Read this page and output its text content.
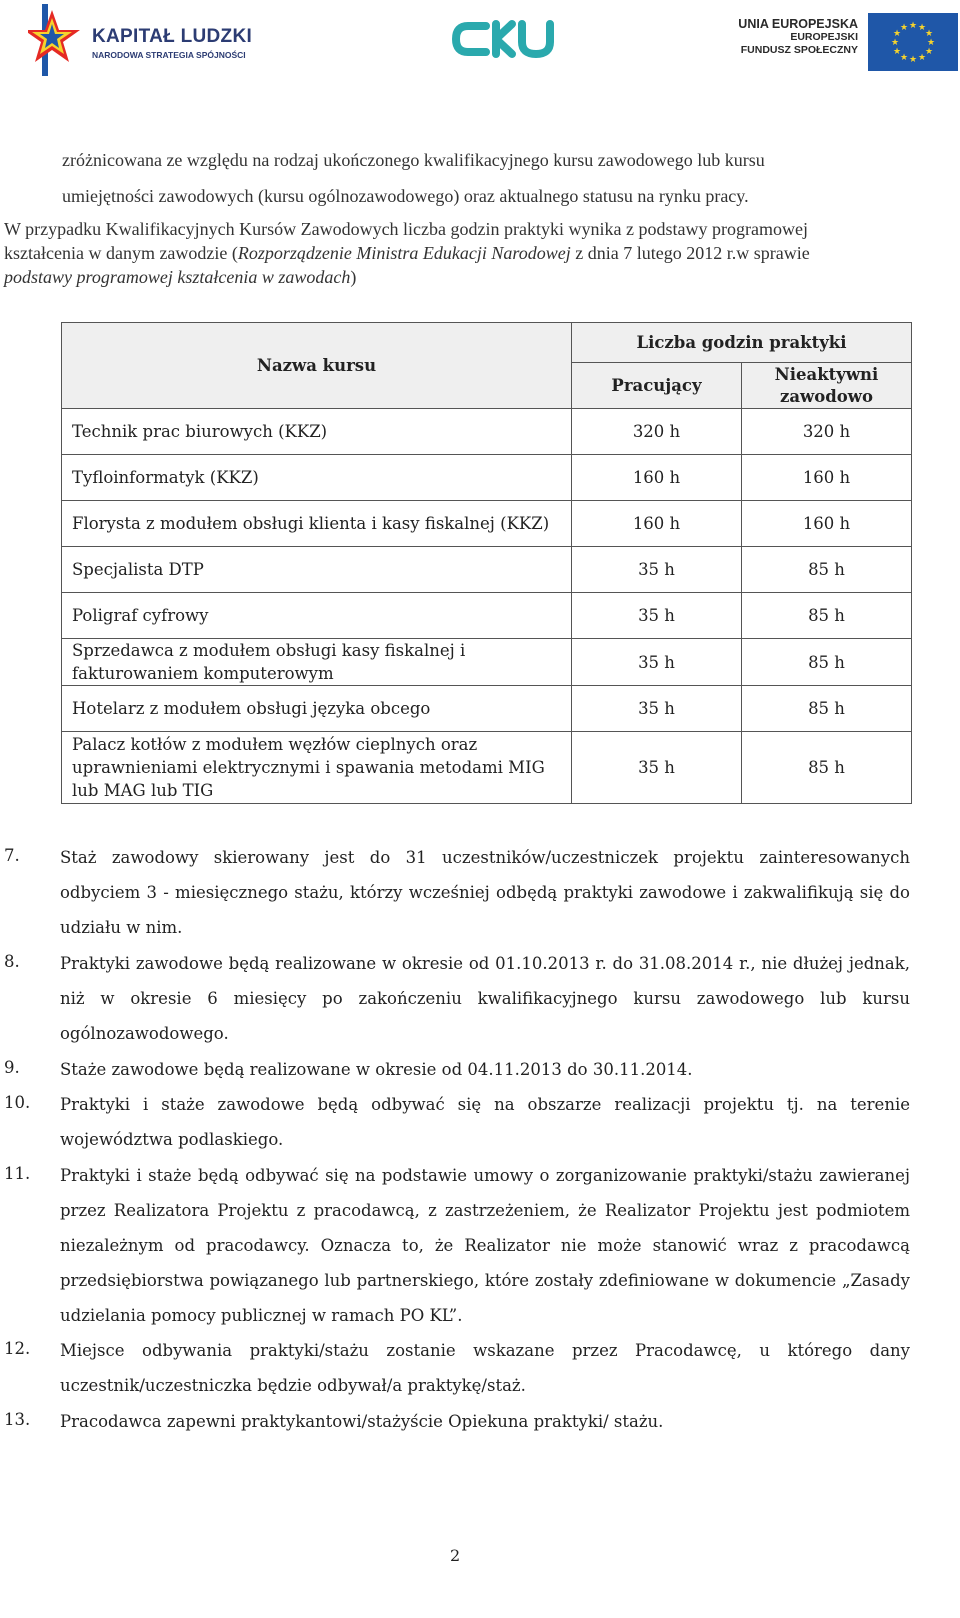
KAPITAŁ LUDZKI
NARODOWA STRATEGIA SPÓJNOŚCI
UNIA EUROPEJSKA
EUROPEJSKI
FUNDUSZ SPOŁECZNY
★ ★
★
★
★
★
★
★
★
★
★
★
zróżnicowana ze względu na rodzaj ukończonego kwalifikacyjnego kursu zawodowego lub kursu
umiejętności zawodowych (kursu ogólnozawodowego) oraz aktualnego statusu na rynku pracy.
W przypadku Kwalifikacyjnych Kursów Zawodowych liczba godzin praktyki wynika z podstawy programowej
kształcenia w danym zawodzie (Rozporządzenie Ministra Edukacji Narodowej z dnia 7 lutego 2012 r.w sprawie
podstawy programowej kształcenia w zawodach)
Nazwa kursu	Liczba godzin praktyki	
	Pracujący	Nieaktywni zawodowo
Technik prac biurowych (KKZ)	320 h	320 h
Tyfloinformatyk (KKZ)	160 h	160 h
Florysta z modułem obsługi klienta i kasy fiskalnej (KKZ)	160 h	160 h
Specjalista DTP	35 h	85 h
Poligraf cyfrowy	35 h	85 h
Sprzedawca z modułem obsługi kasy fiskalnej i fakturowaniem komputerowym	35 h	85 h
Hotelarz z modułem obsługi języka obcego	35 h	85 h
Palacz kotłów z modułem węzłów cieplnych oraz uprawnieniami elektrycznymi i spawania metodami MIG lub MAG lub TIG	35 h	85 h
7. Staż zawodowy skierowany jest do 31 uczestników/uczestniczek projektu zainteresowanych odbyciem 3 - miesięcznego stażu, którzy wcześniej odbędą praktyki zawodowe i zakwalifikują się do udziału w nim.
8. Praktyki zawodowe będą realizowane w okresie od 01.10.2013 r. do 31.08.2014 r., nie dłużej jednak, niż w okresie 6 miesięcy po zakończeniu kwalifikacyjnego kursu zawodowego lub kursu ogólnozawodowego.
9. Staże zawodowe będą realizowane w okresie od 04.11.2013 do 30.11.2014.
10. Praktyki i staże zawodowe będą odbywać się na obszarze realizacji projektu tj. na terenie województwa podlaskiego.
11. Praktyki i staże będą odbywać się na podstawie umowy o zorganizowanie praktyki/stażu zawieranej przez Realizatora Projektu z pracodawcą, z zastrzeżeniem, że Realizator Projektu jest podmiotem niezależnym od pracodawcy. Oznacza to, że Realizator nie może stanowić wraz z pracodawcą przedsiębiorstwa powiązanego lub partnerskiego, które zostały zdefiniowane w dokumencie „Zasady udzielania pomocy publicznej w ramach PO KL”.
12. Miejsce odbywania praktyki/stażu zostanie wskazane przez Pracodawcę, u którego dany uczestnik/uczestniczka będzie odbywał/a praktykę/staż.
13. Pracodawca zapewni praktykantowi/stażyście Opiekuna praktyki/ stażu.
2
